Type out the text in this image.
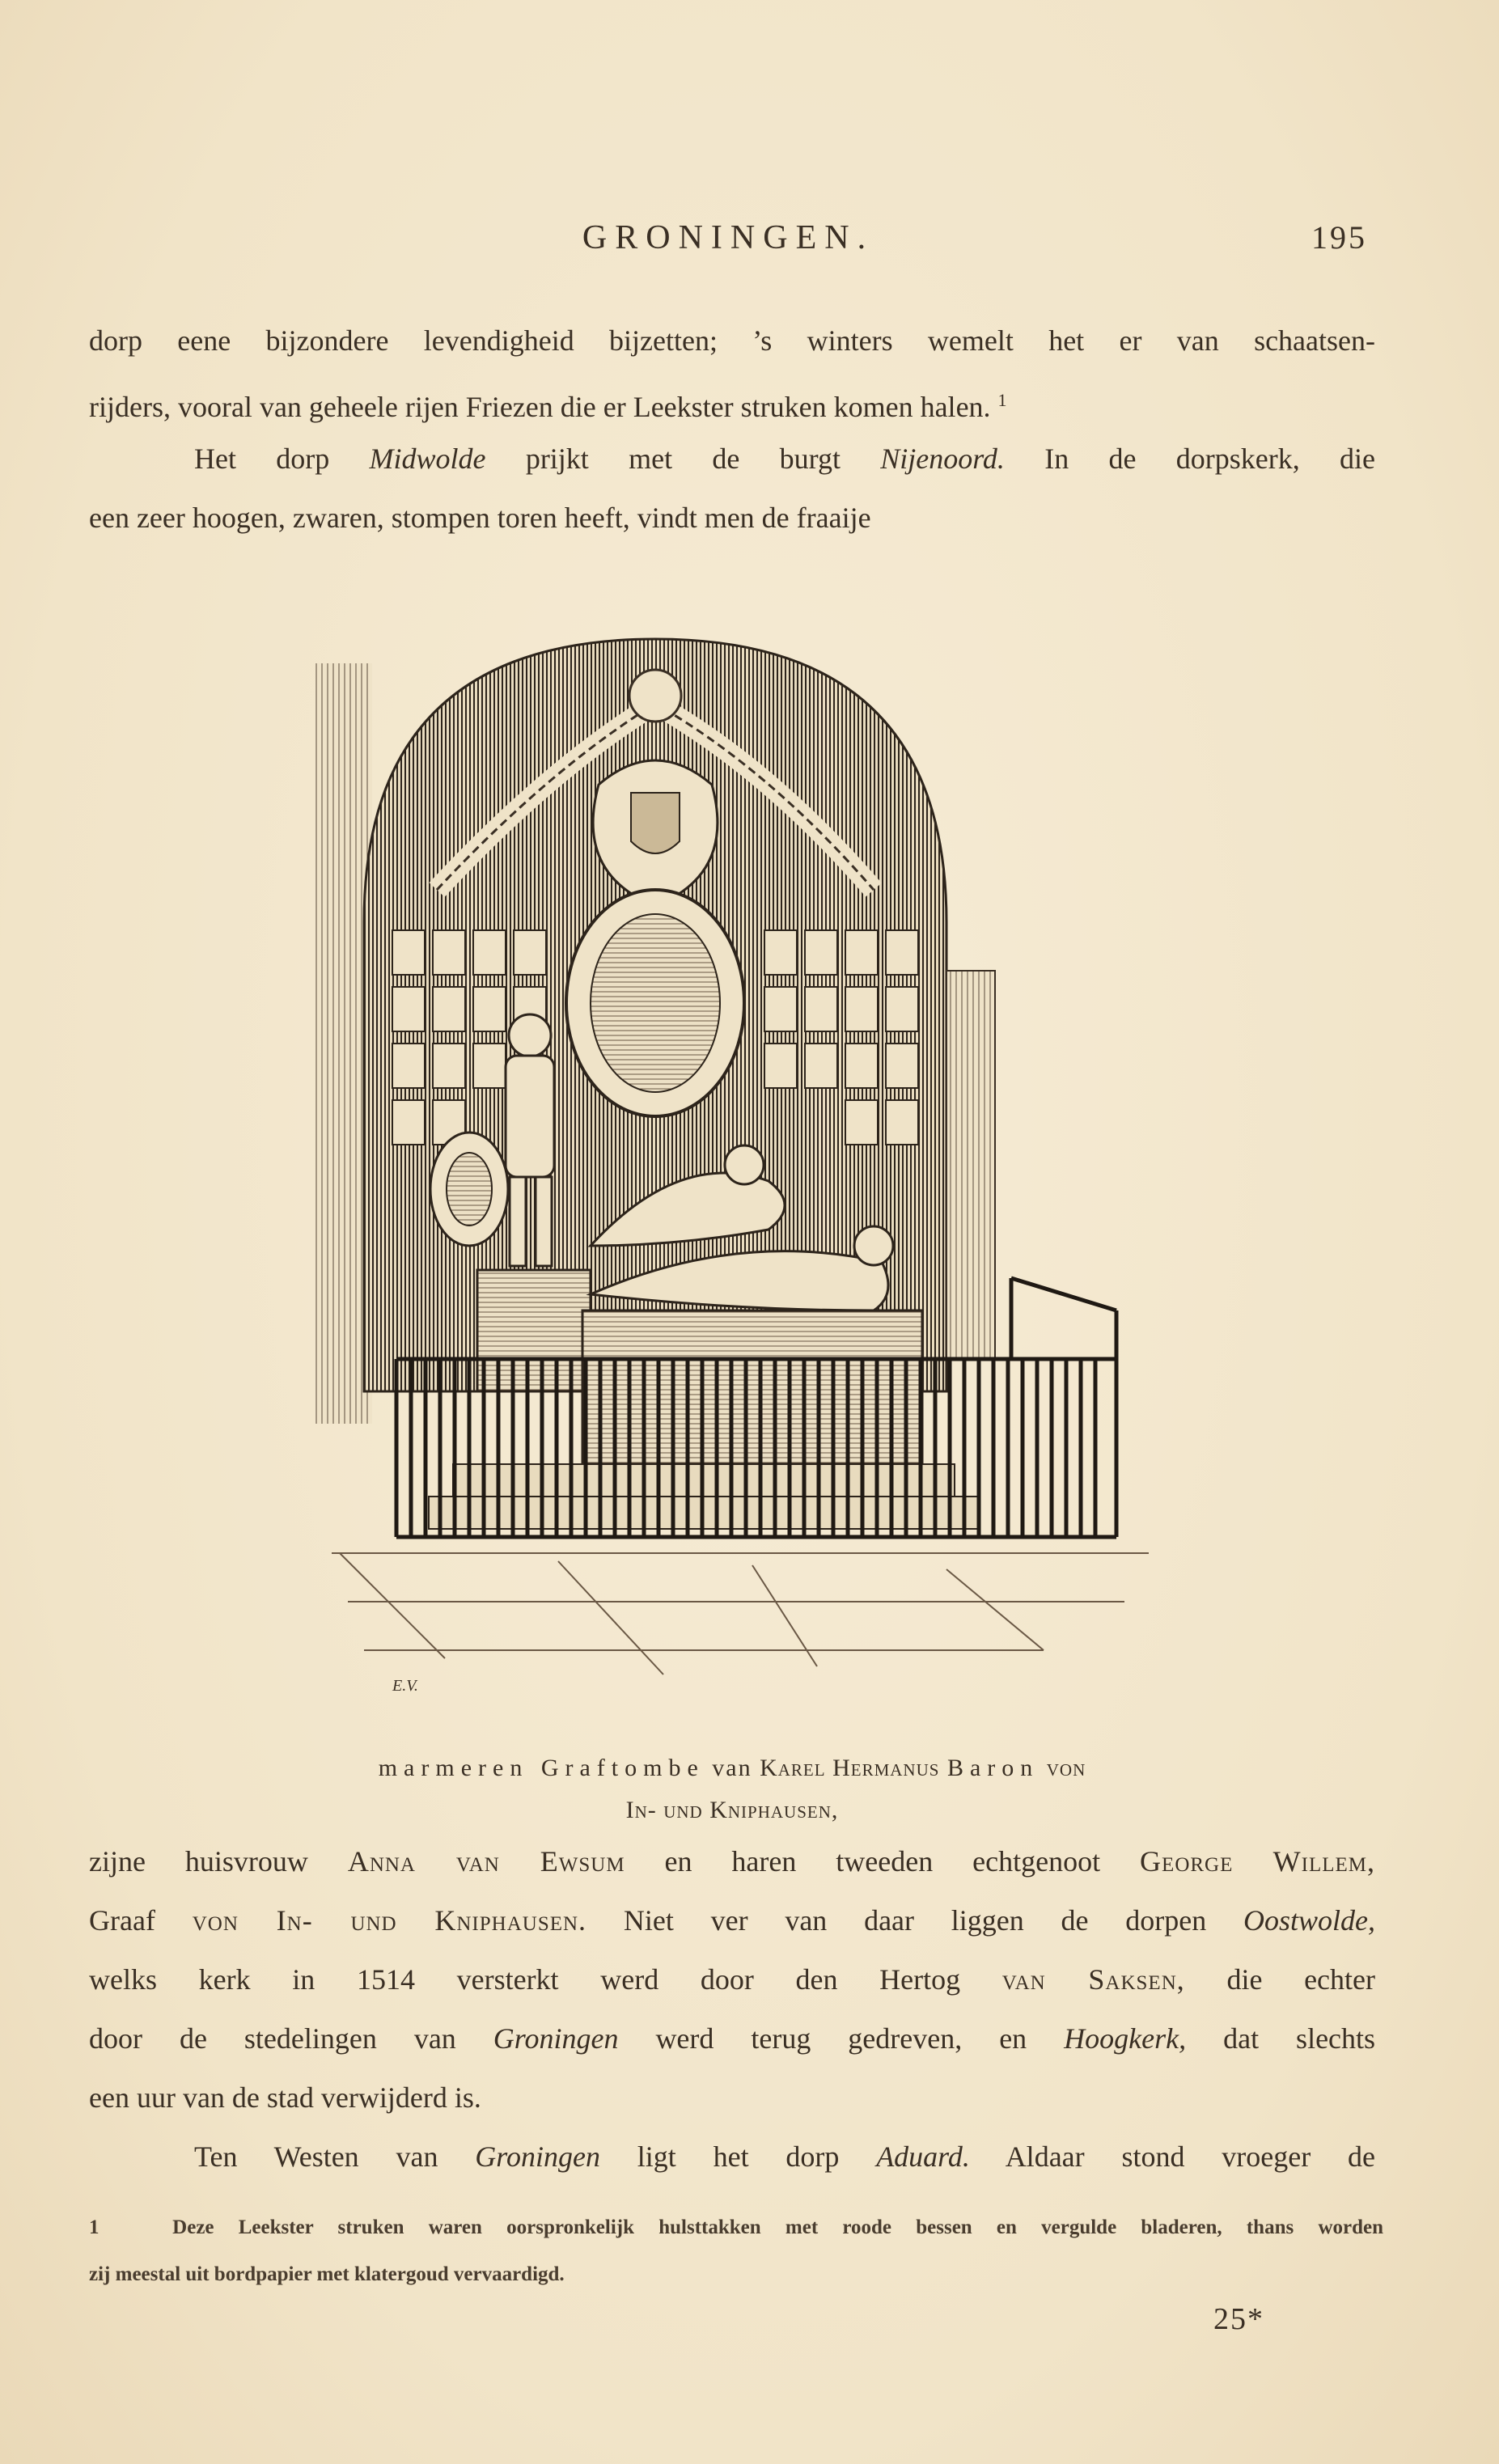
GRONINGEN.	195
dorp eene bijzondere levendigheid bijzetten; ’s winters wemelt het er van schaatsen-
rijders, vooral van geheele rijen Friezen die er Leekster struken komen halen. $^1$
Het dorp Midwolde prijkt met de burgt Nijenoord. In de dorpskerk, die
een zeer hoogen, zwaren, stompen toren heeft, vindt men de fraaije
E.V.
marmeren Graftombe van Karel Hermanus Baron von
In- und Kniphausen,
zijne huisvrouw Anna van Ewsum en haren tweeden echtgenoot George Willem,
Graaf von In- und Kniphausen. Niet ver van daar liggen de dorpen Oostwolde,
welks kerk in 1514 versterkt werd door den Hertog van Saksen, die echter
door de stedelingen van Groningen werd terug gedreven, en Hoogkerk, dat slechts
een uur van de stad verwijderd is.
Ten Westen van Groningen ligt het dorp Aduard. Aldaar stond vroeger de
1	Deze Leekster struken waren oorspronkelijk hulsttakken met roode bessen en vergulde bladeren, thans worden
zij meestal uit bordpapier met klatergoud vervaardigd.
25*
